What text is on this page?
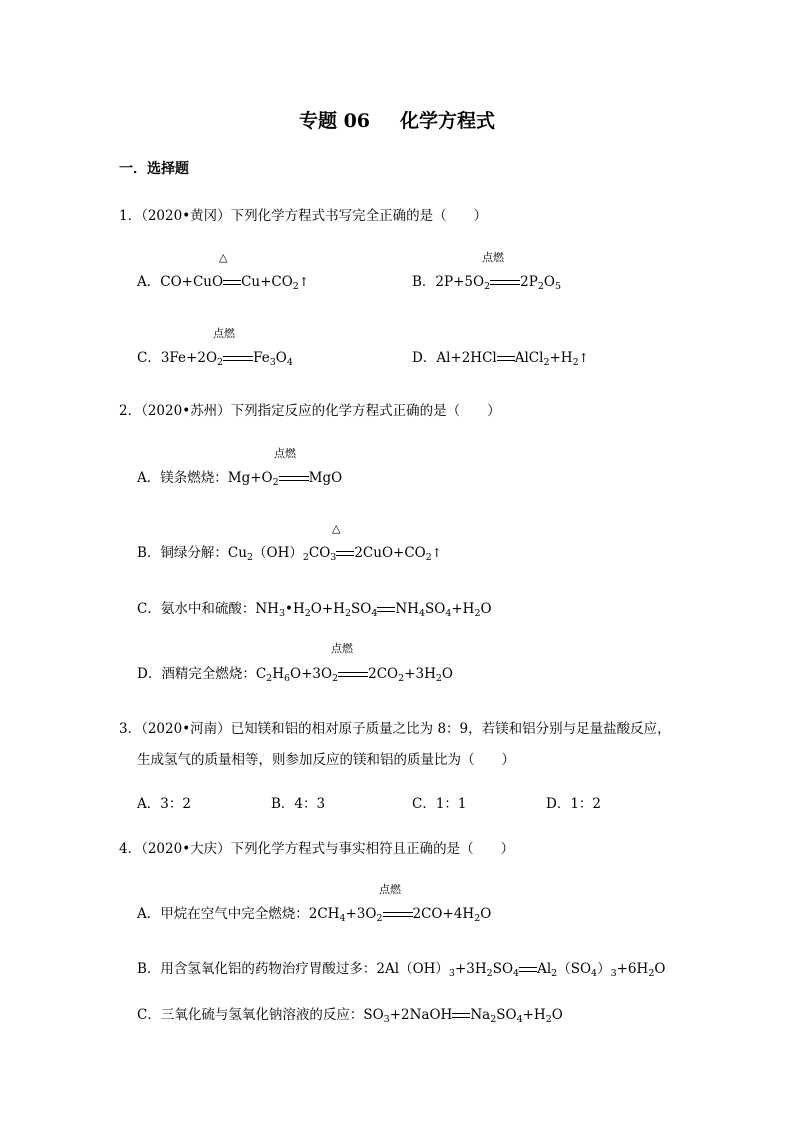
专题 06 化学方程式
一．选择题
1．（2020•黄冈）下列化学方程式书写完全正确的是（　　）
△
A．CO+CuO $Cu+CO_2↑$
点燃
B．$2P+5O_2$ $2P_2O_5$
点燃
C．$3Fe+2O_2$ $Fe_3O_4$	D．Al+2HCl $AlCl_2+H_2↑$
2．（2020•苏州）下列指定反应的化学方程式正确的是（　　）
点燃
A．镁条燃烧：$Mg+O_2$ MgO
△
B．铜绿分解：$Cu_2(OH)_2CO_3$ $2CuO+CO_2↑$
C．氨水中和硫酸：$NH_3•H_2O+H_2SO_4$ $NH_4SO_4+H_2O$
点燃
D．酒精完全燃烧：$C_2H_6O+3O_2$ $2CO_2+3H_2O$
3．（2020•河南）已知镁和铝的相对原子质量之比为 8：9，若镁和铝分别与足量盐酸反应，
生成氢气的质量相等，则参加反应的镁和铝的质量比为（　　）
A．3：2	B．4：3	C．1：1	D．1：2
4．（2020•大庆）下列化学方程式与事实相符且正确的是（　　）
点燃
A．甲烷在空气中完全燃烧：$2CH_4+3O_2$ $2CO+4H_2O$
B．用含氢氧化铝的药物治疗胃酸过多：$2Al(OH)_3+3H_2SO_4$ $Al_2(SO_4)_3+6H_2O$
C．三氧化硫与氢氧化钠溶液的反应：$SO_3+2NaOH$ $Na_2SO_4+H_2O$
